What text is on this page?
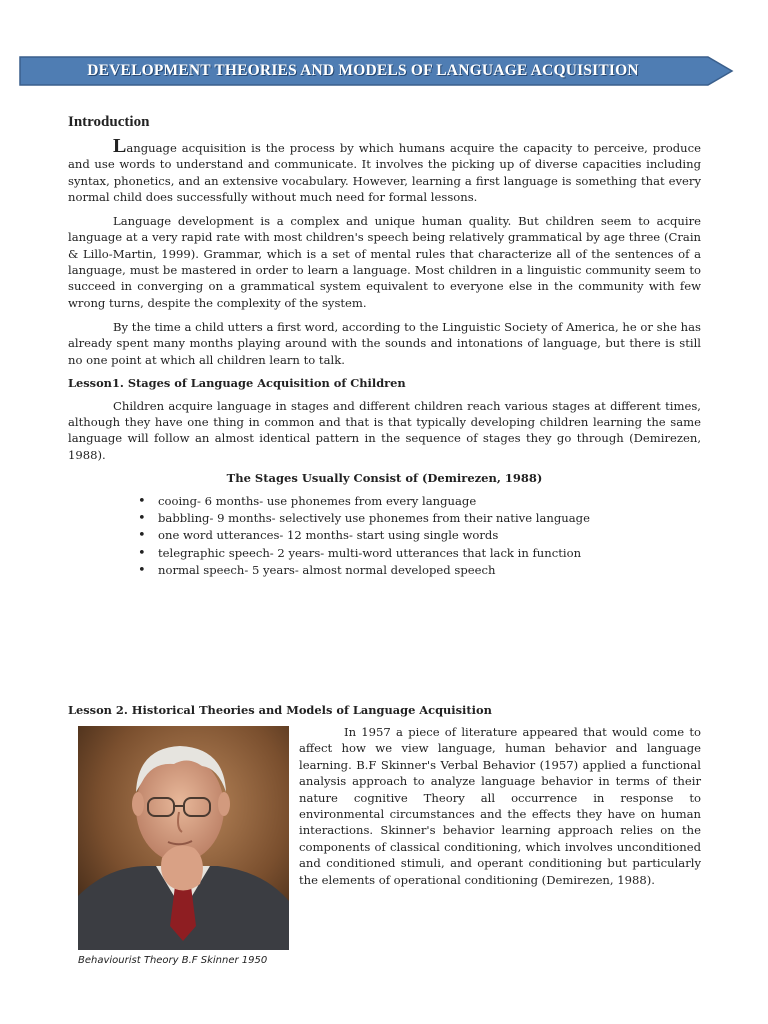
DEVELOPMENT THEORIES AND MODELS OF LANGUAGE ACQUISITION
Introduction

Language acquisition is the process by which humans acquire the capacity to perceive, produce and use words to understand and communicate. It involves the picking up of diverse capacities including syntax, phonetics, and an extensive vocabulary. However, learning a first language is something that every normal child does successfully without much need for formal lessons.

Language development is a complex and unique human quality. But children seem to acquire language at a very rapid rate with most children's speech being relatively grammatical by age three (Crain & Lillo-Martin, 1999). Grammar, which is a set of mental rules that characterize all of the sentences of a language, must be mastered in order to learn a language. Most children in a linguistic community seem to succeed in converging on a grammatical system equivalent to everyone else in the community with few wrong turns, despite the complexity of the system.

By the time a child utters a first word, according to the Linguistic Society of America, he or she has already spent many months playing around with the sounds and intonations of language, but there is still no one point at which all children learn to talk.

Lesson1. Stages of Language Acquisition of Children

Children acquire language in stages and different children reach various stages at different times, although they have one thing in common and that is that typically developing children learning the same language will follow an almost identical pattern in the sequence of stages they go through (Demirezen, 1988).

The Stages Usually Consist of (Demirezen, 1988)
• cooing- 6 months- use phonemes from every language
• babbling- 9 months- selectively use phonemes from their native language
• one word utterances- 12 months- start using single words
• telegraphic speech- 2 years- multi-word utterances that lack in function
• normal speech- 5 years- almost normal developed speech
Lesson 2. Historical Theories and Models of Language Acquisition
Behaviourist Theory B.F Skinner 1950

In 1957 a piece of literature appeared that would come to affect how we view language, human behavior and language learning. B.F Skinner's Verbal Behavior (1957) applied a functional analysis approach to analyze language behavior in terms of their nature cognitive Theory all occurrence in response to environmental circumstances and the effects they have on human interactions. Skinner's behavior learning approach relies on the components of classical conditioning, which involves unconditioned and conditioned stimuli, and operant conditioning but particularly the elements of operational conditioning (Demirezen, 1988).
